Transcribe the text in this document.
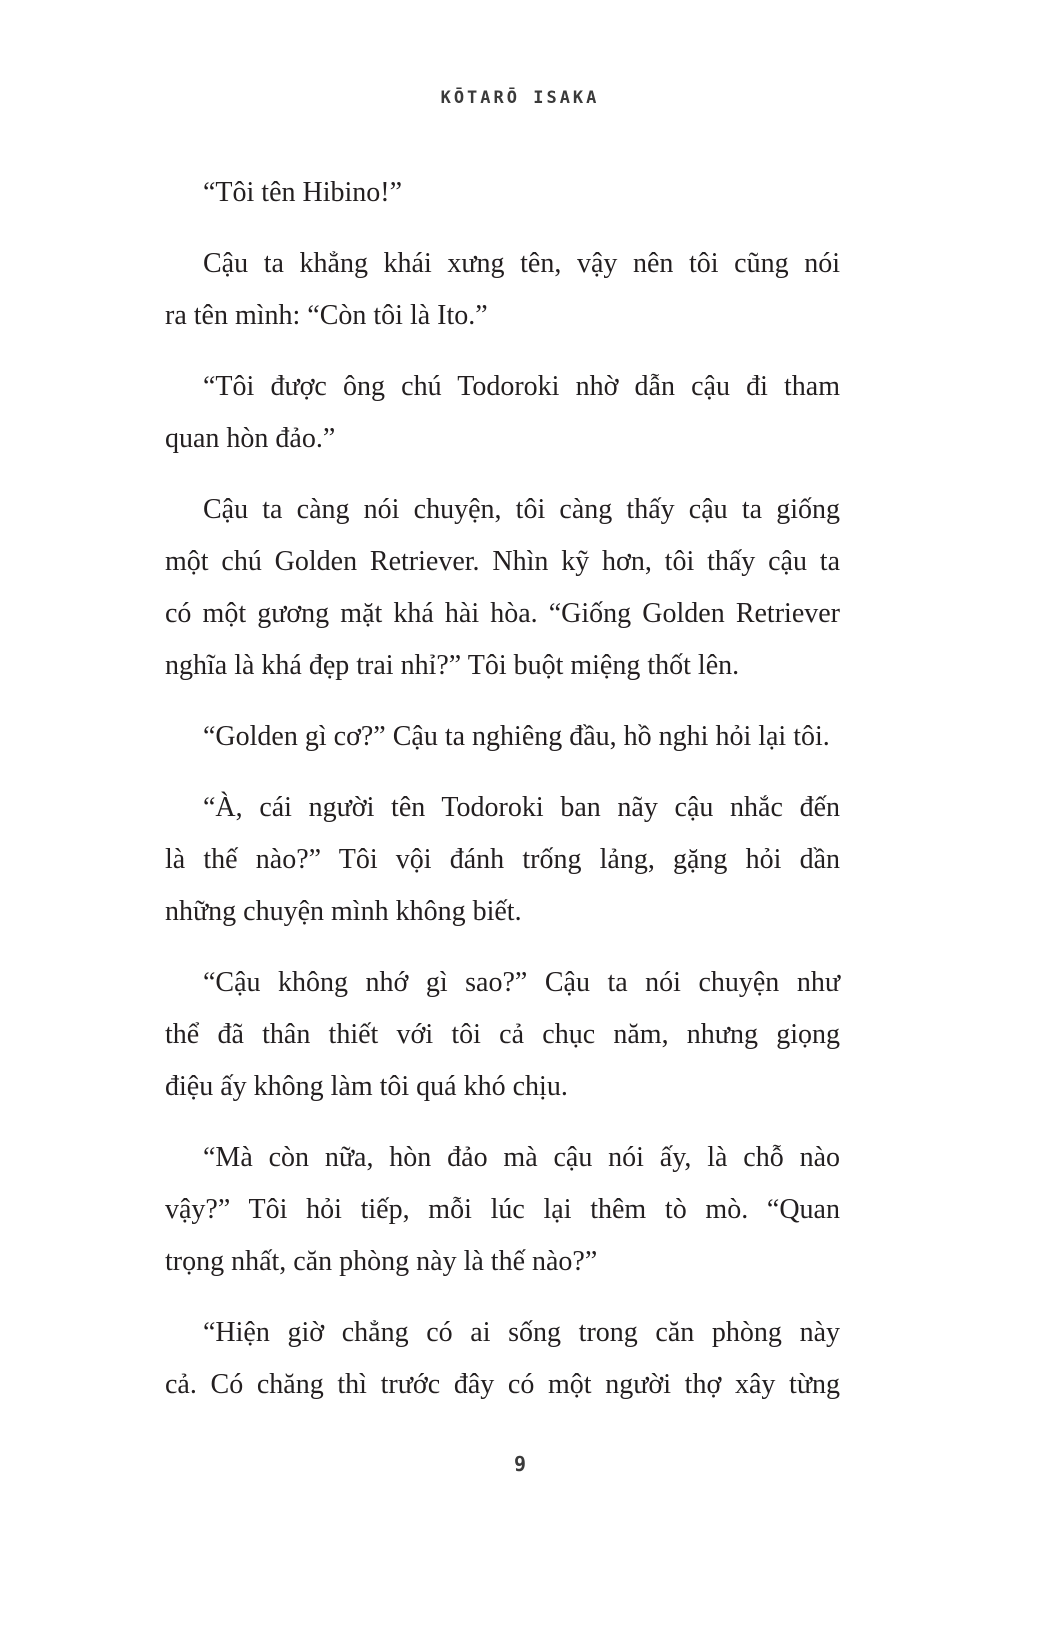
KŌTARŌ ISAKA
“Tôi tên Hibino!”
Cậu ta khẳng khái xưng tên, vậy nên tôi cũng nói
ra tên mình: “Còn tôi là Ito.”
“Tôi được ông chú Todoroki nhờ dẫn cậu đi tham
quan hòn đảo.”
Cậu ta càng nói chuyện, tôi càng thấy cậu ta giống
một chú Golden Retriever. Nhìn kỹ hơn, tôi thấy cậu ta
có một gương mặt khá hài hòa. “Giống Golden Retriever
nghĩa là khá đẹp trai nhỉ?” Tôi buột miệng thốt lên.
“Golden gì cơ?” Cậu ta nghiêng đầu, hồ nghi hỏi lại tôi.
“À, cái người tên Todoroki ban nãy cậu nhắc đến
là thế nào?” Tôi vội đánh trống lảng, gặng hỏi dần
những chuyện mình không biết.
“Cậu không nhớ gì sao?” Cậu ta nói chuyện như
thể đã thân thiết với tôi cả chục năm, nhưng giọng
điệu ấy không làm tôi quá khó chịu.
“Mà còn nữa, hòn đảo mà cậu nói ấy, là chỗ nào
vậy?” Tôi hỏi tiếp, mỗi lúc lại thêm tò mò. “Quan
trọng nhất, căn phòng này là thế nào?”
“Hiện giờ chẳng có ai sống trong căn phòng này
cả. Có chăng thì trước đây có một người thợ xây từng
9
